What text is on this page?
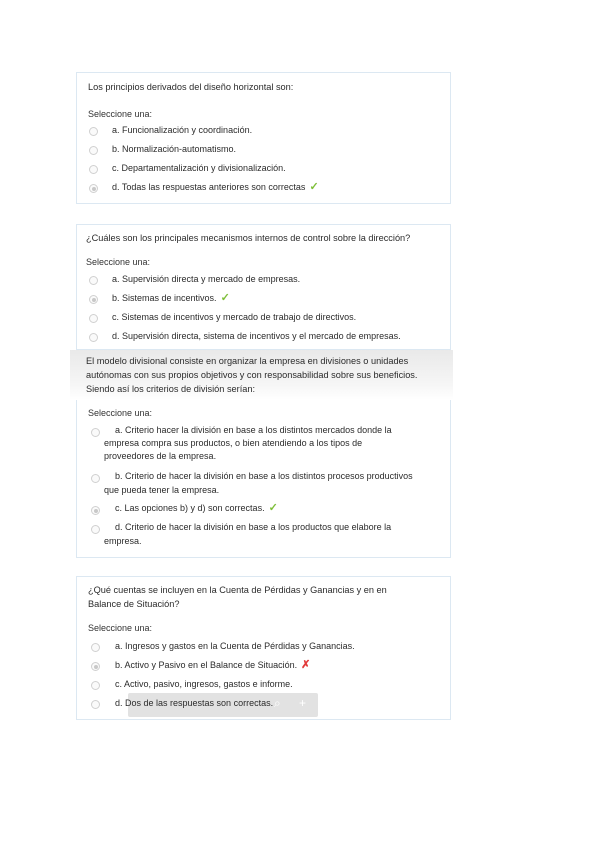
Los principios derivados del diseño horizontal son:
Seleccione una:
a. Funcionalización y coordinación.
b. Normalización-automatismo.
c. Departamentalización y divisionalización.
d. Todas las respuestas anteriores son correctas ✓
¿Cuáles son los principales mecanismos internos de control sobre la dirección?
Seleccione una:
a. Supervisión directa y mercado de empresas.
b. Sistemas de incentivos. ✓
c. Sistemas de incentivos y mercado de trabajo de directivos.
d. Supervisión directa, sistema de incentivos y el mercado de empresas.
El modelo divisional consiste en organizar la empresa en divisiones o unidades
autónomas con sus propios objetivos y con responsabilidad sobre sus beneficios.
Siendo así los criterios de división serían:
Seleccione una:
a. Criterio hacer la división en base a los distintos mercados donde la
empresa compra sus productos, o bien atendiendo a los tipos de
proveedores de la empresa.
b. Criterio de hacer la división en base a los distintos procesos productivos
que pueda tener la empresa.
c. Las opciones b) y d) son correctas. ✓
d. Criterio de hacer la división en base a los productos que elabore la
empresa.
¿Qué cuentas se incluyen en la Cuenta de Pérdidas y Ganancias y en en
Balance de Situación?
Seleccione una:
a. Ingresos y gastos en la Cuenta de Pérdidas y Ganancias.
b. Activo y Pasivo en el Balance de Situación. ✗
c. Activo, pasivo, ingresos, gastos e informe.
⌕ +
d. Dos de las respuestas son correctas.
